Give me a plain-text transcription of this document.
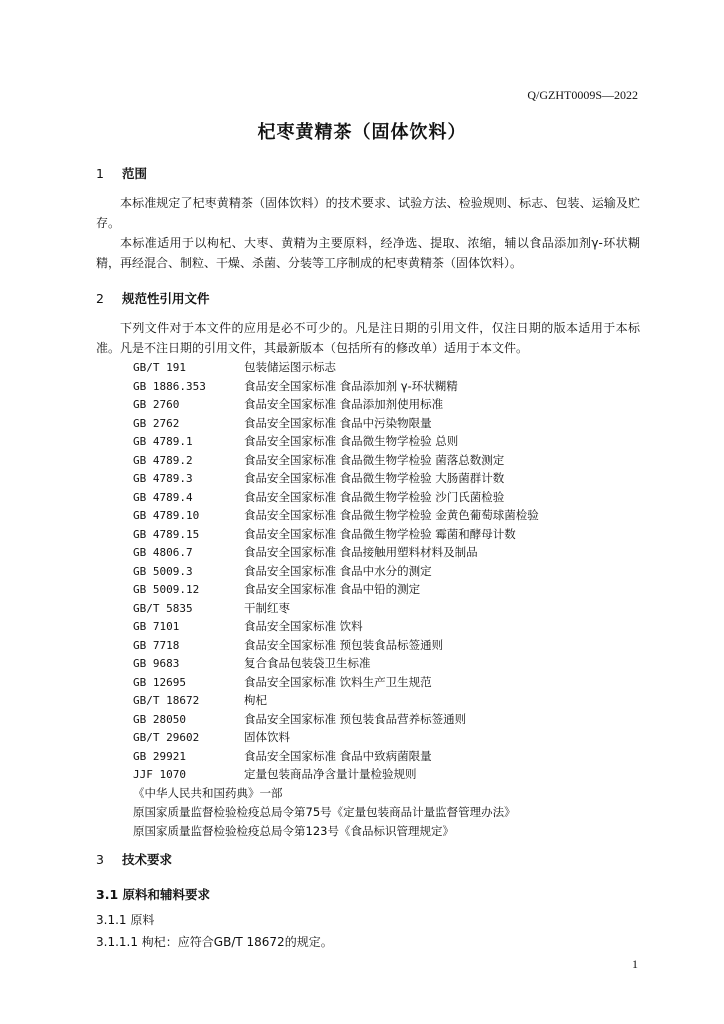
Q/GZHT0009S—2022
杞枣黄精茶（固体饮料）
1 范围

本标准规定了杞枣黄精茶（固体饮料）的技术要求、试验方法、检验规则、标志、包装、运输及贮存。

本标准适用于以枸杞、大枣、黄精为主要原料，经净选、提取、浓缩，辅以食品添加剂γ-环状糊精，再经混合、制粒、干燥、杀菌、分装等工序制成的杞枣黄精茶（固体饮料）。

2 规范性引用文件

下列文件对于本文件的应用是必不可少的。凡是注日期的引用文件，仅注日期的版本适用于本标准。凡是不注日期的引用文件，其最新版本（包括所有的修改单）适用于本文件。

GB/T 191	包装储运图示标志
GB 1886.353	食品安全国家标准 食品添加剂 γ-环状糊精
GB 2760	食品安全国家标准 食品添加剂使用标准
GB 2762	食品安全国家标准 食品中污染物限量
GB 4789.1	食品安全国家标准 食品微生物学检验 总则
GB 4789.2	食品安全国家标准 食品微生物学检验 菌落总数测定
GB 4789.3	食品安全国家标准 食品微生物学检验 大肠菌群计数
GB 4789.4	食品安全国家标准 食品微生物学检验 沙门氏菌检验
GB 4789.10	食品安全国家标准 食品微生物学检验 金黄色葡萄球菌检验
GB 4789.15	食品安全国家标准 食品微生物学检验 霉菌和酵母计数
GB 4806.7	食品安全国家标准 食品接触用塑料材料及制品
GB 5009.3	食品安全国家标准 食品中水分的测定
GB 5009.12	食品安全国家标准 食品中铅的测定
GB/T 5835	干制红枣
GB 7101	食品安全国家标准 饮料
GB 7718	食品安全国家标准 预包装食品标签通则
GB 9683	复合食品包装袋卫生标准
GB 12695	食品安全国家标准 饮料生产卫生规范
GB/T 18672	枸杞
GB 28050	食品安全国家标准 预包装食品营养标签通则
GB/T 29602	固体饮料
GB 29921	食品安全国家标准 食品中致病菌限量
JJF 1070	定量包装商品净含量计量检验规则
《中华人民共和国药典》一部
原国家质量监督检验检疫总局令第75号《定量包装商品计量监督管理办法》
原国家质量监督检验检疫总局令第123号《食品标识管理规定》
3 技术要求
3.1 原料和辅料要求
3.1.1 原料
3.1.1.1 枸杞：应符合GB/T 18672的规定。
1
